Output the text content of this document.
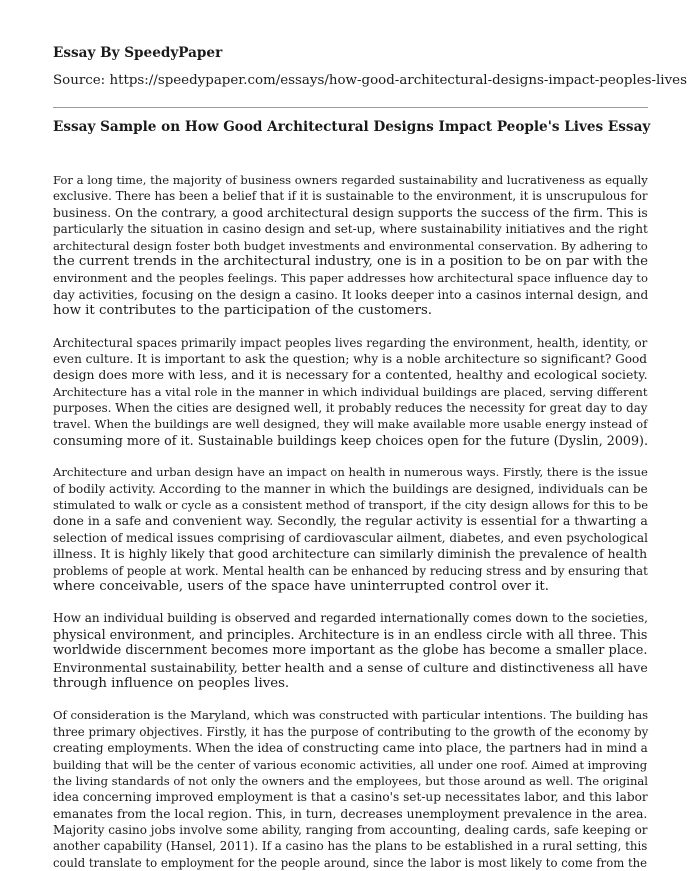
Essay By SpeedyPaper
Source: https://speedypaper.com/essays/how-good-architectural-designs-impact-peoples-lives
Essay Sample on How Good Architectural Designs Impact People's Lives Essay
For a long time, the majority of business owners regarded sustainability and lucrativeness as equally
exclusive. There has been a belief that if it is sustainable to the environment, it is unscrupulous for
business. On the contrary, a good architectural design supports the success of the firm. This is
particularly the situation in casino design and set-up, where sustainability initiatives and the right
architectural design foster both budget investments and environmental conservation. By adhering to
the current trends in the architectural industry, one is in a position to be on par with the
environment and the peoples feelings. This paper addresses how architectural space influence day to
day activities, focusing on the design a casino. It looks deeper into a casinos internal design, and
how it contributes to the participation of the customers.
Architectural spaces primarily impact peoples lives regarding the environment, health, identity, or
even culture. It is important to ask the question; why is a noble architecture so significant? Good
design does more with less, and it is necessary for a contented, healthy and ecological society.
Architecture has a vital role in the manner in which individual buildings are placed, serving different
purposes. When the cities are designed well, it probably reduces the necessity for great day to day
travel. When the buildings are well designed, they will make available more usable energy instead of
consuming more of it. Sustainable buildings keep choices open for the future (Dyslin, 2009).
Architecture and urban design have an impact on health in numerous ways. Firstly, there is the issue
of bodily activity. According to the manner in which the buildings are designed, individuals can be
stimulated to walk or cycle as a consistent method of transport, if the city design allows for this to be
done in a safe and convenient way. Secondly, the regular activity is essential for a thwarting a
selection of medical issues comprising of cardiovascular ailment, diabetes, and even psychological
illness. It is highly likely that good architecture can similarly diminish the prevalence of health
problems of people at work. Mental health can be enhanced by reducing stress and by ensuring that
where conceivable, users of the space have uninterrupted control over it.
How an individual building is observed and regarded internationally comes down to the societies,
physical environment, and principles. Architecture is in an endless circle with all three. This
worldwide discernment becomes more important as the globe has become a smaller place.
Environmental sustainability, better health and a sense of culture and distinctiveness all have
through influence on peoples lives.
Of consideration is the Maryland, which was constructed with particular intentions. The building has
three primary objectives. Firstly, it has the purpose of contributing to the growth of the economy by
creating employments. When the idea of constructing came into place, the partners had in mind a
building that will be the center of various economic activities, all under one roof. Aimed at improving
the living standards of not only the owners and the employees, but those around as well. The original
idea concerning improved employment is that a casino's set-up necessitates labor, and this labor
emanates from the local region. This, in turn, decreases unemployment prevalence in the area.
Majority casino jobs involve some ability, ranging from accounting, dealing cards, safe keeping or
another capability (Hansel, 2011). If a casino has the plans to be established in a rural setting, this
could translate to employment for the people around, since the labor is most likely to come from the
